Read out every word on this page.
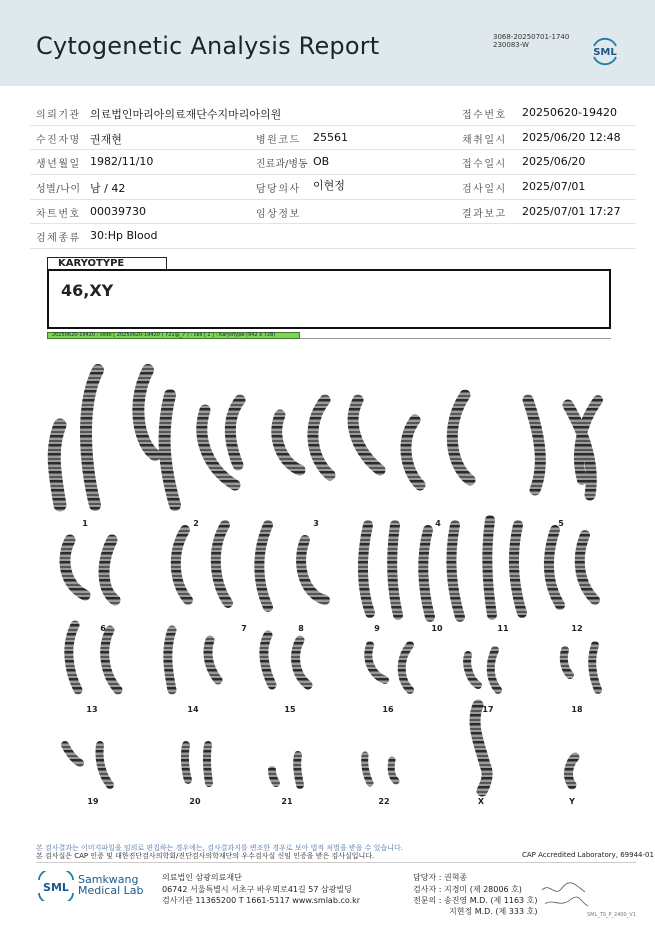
Cytogenetic Analysis Report	3068-20250701-1740
230083-W
SML
의뢰기관 의료법인마리아의료재단수지마리아의원	접수번호 20250620-19420
수진자명 권재현	병원코드 25561	채취일시 2025/06/20 12:48
생년월일 1982/11/10	진료과/병동 OB	접수일시 2025/06/20
성별/나이 남 / 42	담당의사 이현정	검사일시 2025/07/01
차트번호 00039730	임상정보	결과보고 2025/07/01 17:27
검체종류 30:Hp Blood
KARYOTYPE
46,XY
20250620-19420 : slide [ 20250620-19420 ( 721@_7 ) : cell [ 2 ] : Karyotype (942 x 728)
1	2	3	4	5
6	7	8	9	10	11	12
13	14	15	16	17	18
19	20	21	22	X	Y
본 검사결과는 이미지파일을 임의로 편집하는 경우에는, 검사결과지를 변조한 경우로 보아 법적 처벌을 받을 수 있습니다.
본 검사실은 CAP 인증 및 대한진단검사의학회/진단검사의학재단의 우수검사실 신임 인증을 받은 검사실입니다.	CAP Accredited Laboratory, 69944-01
SML
Samkwang
Medical Lab
의료법인 삼광의료재단
06742 서울특별시 서초구 바우뫼로41길 57 삼광빌딩
검사기관 11365200 T 1661-5117 www.smlab.co.kr
담당자 : 권혁종
검사자 : 지경미 (제 28006 호)
전문의 : 송진영 M.D. (제 1163 호)
지현정 M.D. (제 333 호)	SML_TS_P_2400_V1
